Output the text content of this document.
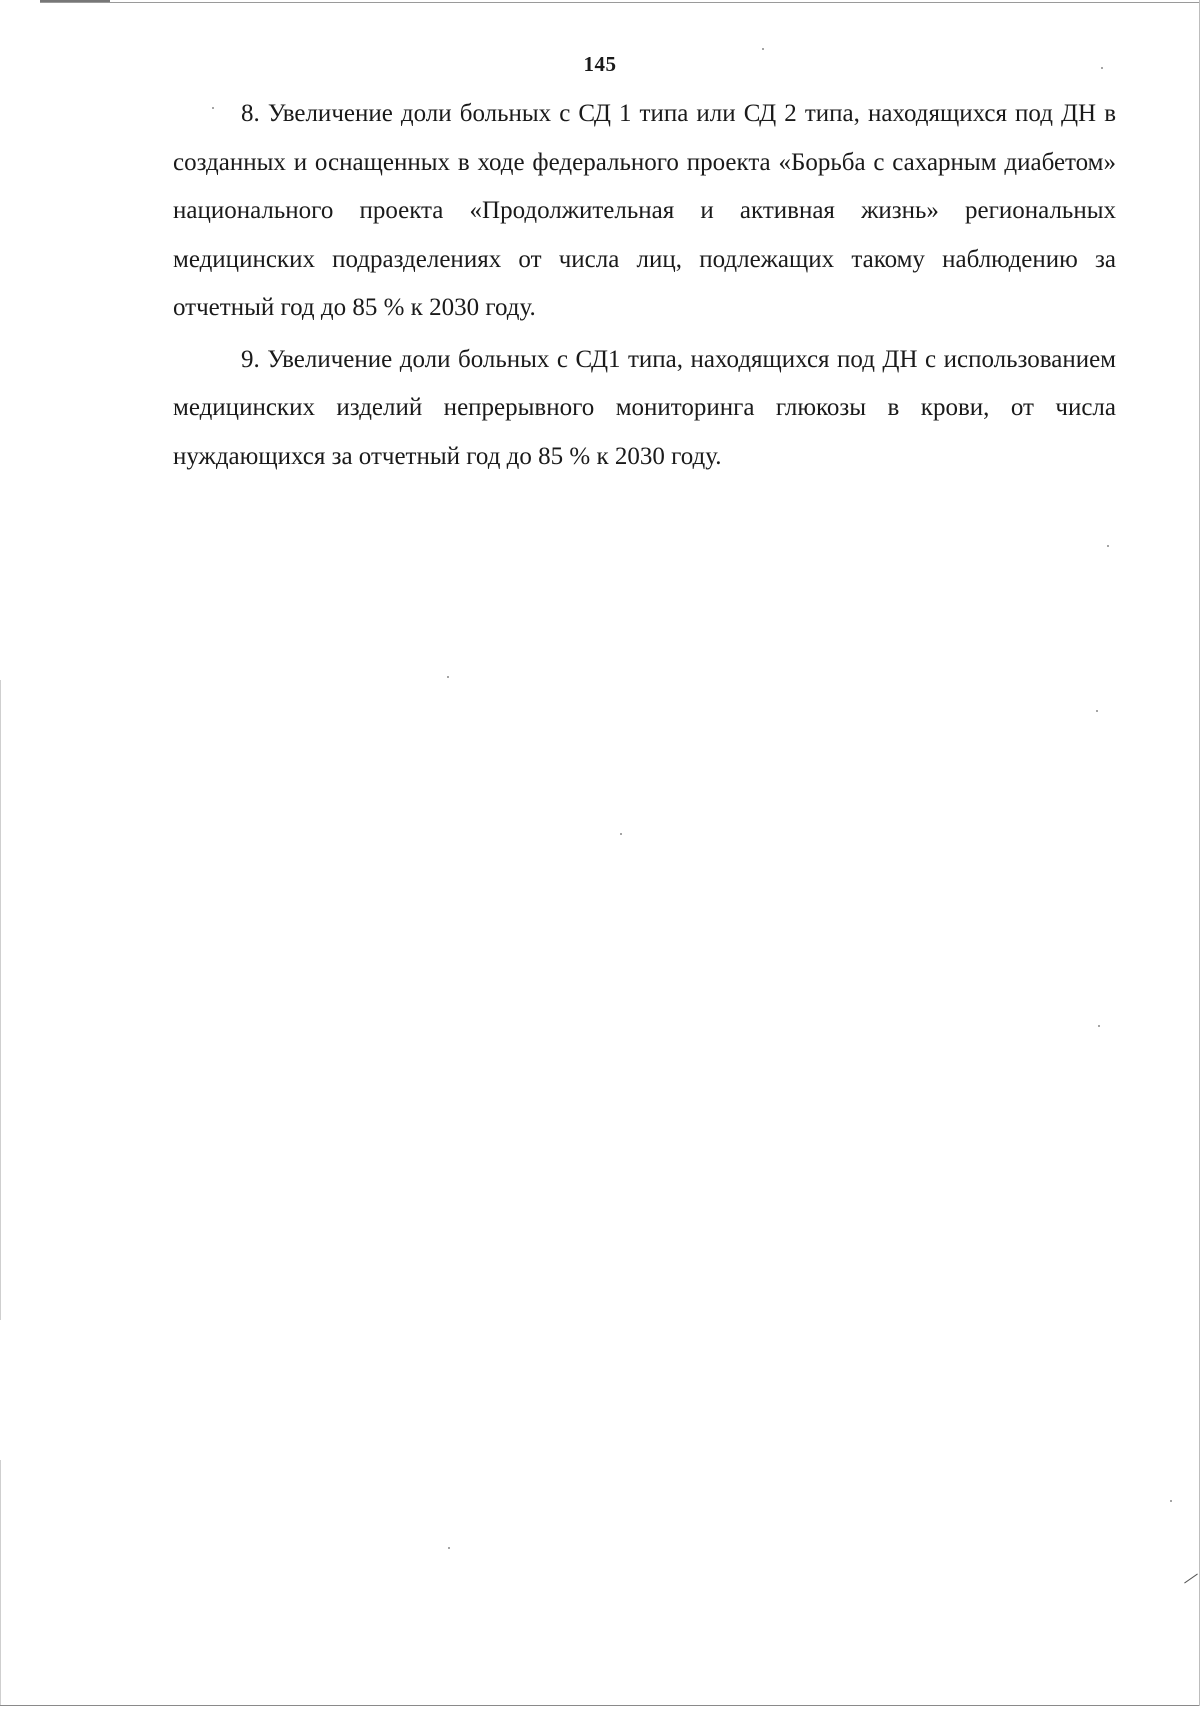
145

8. Увеличение доли больных с СД 1 типа или СД 2 типа, находящихся под ДН в созданных и оснащенных в ходе федерального проекта «Борьба с сахарным диабетом» национального проекта «Продолжительная и активная жизнь» региональных медицинских подразделениях от числа лиц, подлежащих такому наблюдению за отчетный год до 85 % к 2030 году.

9. Увеличение доли больных с СД1 типа, находящихся под ДН с использованием медицинских изделий непрерывного мониторинга глюкозы в крови, от числа нуждающихся за отчетный год до 85 % к 2030 году.
